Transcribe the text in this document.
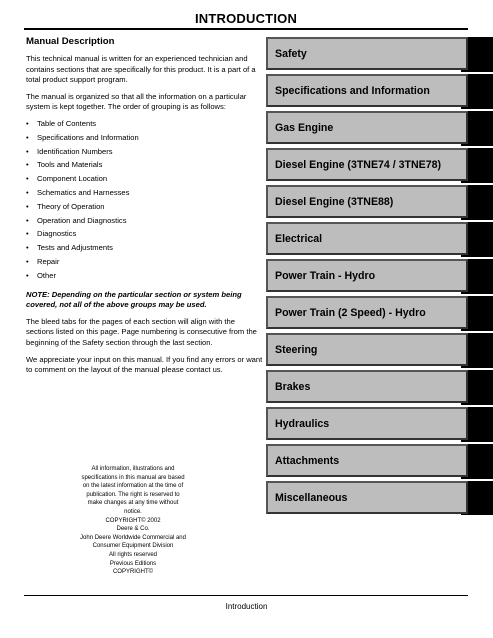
INTRODUCTION
Manual Description
This technical manual is written for an experienced technician and contains sections that are specifically for this product. It is a part of a total product support program.
The manual is organized so that all the information on a particular system is kept together. The order of grouping is as follows:
• Table of Contents
• Specifications and Information
• Identification Numbers
• Tools and Materials
• Component Location
• Schematics and Harnesses
• Theory of Operation
• Operation and Diagnostics
• Diagnostics
• Tests and Adjustments
• Repair
• Other
NOTE: Depending on the particular section or system being covered, not all of the above groups may be used.
The bleed tabs for the pages of each section will align with the sections listed on this page. Page numbering is consecutive from the beginning of the Safety section through the last section.
We appreciate your input on this manual. If you find any errors or want to comment on the layout of the manual please contact us.
All information, illustrations and
specifications in this manual are based
on the latest information at the time of
publication. The right is reserved to
make changes at any time without
notice.
COPYRIGHT© 2002
Deere & Co.
John Deere Worldwide Commercial and
Consumer Equipment Division
All rights reserved
Previous Editions
COPYRIGHT©
Safety
Specifications and Information
Gas Engine
Diesel Engine (3TNE74 / 3TNE78)
Diesel Engine (3TNE88)
Electrical
Power Train - Hydro
Power Train (2 Speed) - Hydro
Steering
Brakes
Hydraulics
Attachments
Miscellaneous
Introduction
